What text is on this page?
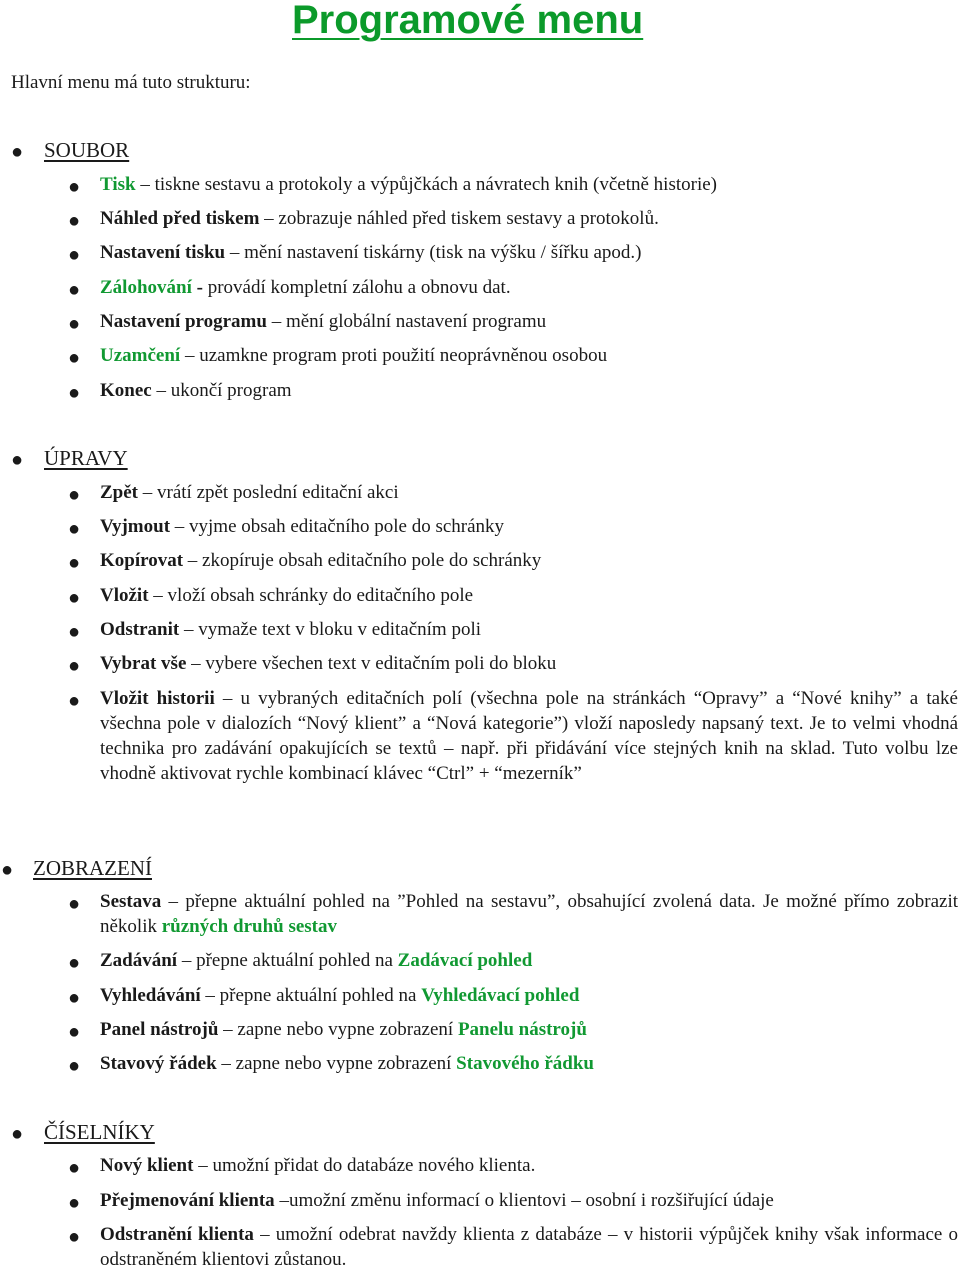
Programové menu
Hlavní menu má tuto strukturu:
● SOUBOR
● Tisk – tiskne sestavu a protokoly a výpůjčkách a návratech knih (včetně historie)
● Náhled před tiskem – zobrazuje náhled před tiskem sestavy a protokolů.
● Nastavení tisku – mění nastavení tiskárny (tisk na výšku / šířku apod.)
● Zálohování - provádí kompletní zálohu a obnovu dat.
● Nastavení programu – mění globální nastavení programu
● Uzamčení – uzamkne program proti použití neoprávněnou osobou
● Konec – ukončí program
● ÚPRAVY
● Zpět – vrátí zpět poslední editační akci
● Vyjmout – vyjme obsah editačního pole do schránky
● Kopírovat – zkopíruje obsah editačního pole do schránky
● Vložit – vloží obsah schránky do editačního pole
● Odstranit – vymaže text v bloku v editačním poli
● Vybrat vše – vybere všechen text v editačním poli do bloku
● Vložit historii – u vybraných editačních polí (všechna pole na stránkách “Opravy” a “Nové knihy” a také všechna pole v dialozích “Nový klient” a “Nová kategorie”) vloží naposledy napsaný text. Je to velmi vhodná technika pro zadávání opakujících se textů – např. při přidávání více stejných knih na sklad. Tuto volbu lze vhodně aktivovat rychle kombinací klávec “Ctrl” + “mezerník”
● ZOBRAZENÍ
● Sestava – přepne aktuální pohled na ”Pohled na sestavu”, obsahující zvolená data. Je možné přímo zobrazit několik různých druhů sestav
● Zadávání – přepne aktuální pohled na Zadávací pohled
● Vyhledávání – přepne aktuální pohled na Vyhledávací pohled
● Panel nástrojů – zapne nebo vypne zobrazení Panelu nástrojů
● Stavový řádek – zapne nebo vypne zobrazení Stavového řádku
● ČÍSELNÍKY
● Nový klient – umožní přidat do databáze nového klienta.
● Přejmenování klienta –umožní změnu informací o klientovi – osobní i rozšiřující údaje
● Odstranění klienta – umožní odebrat navždy klienta z databáze – v historii výpůjček knihy však informace o odstraněném klientovi zůstanou.
